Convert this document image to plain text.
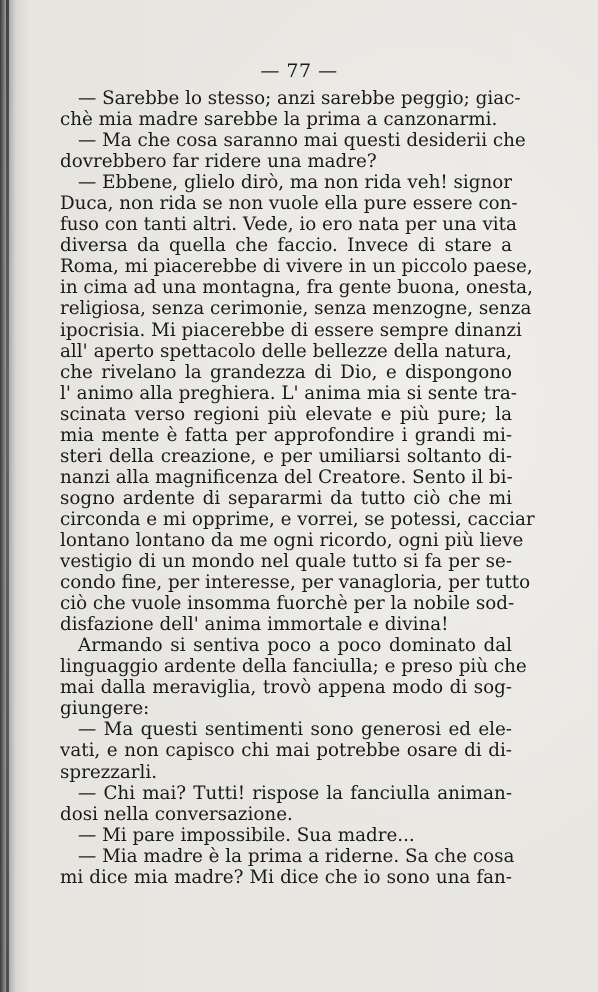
— 77 —
— Sarebbe lo stesso; anzi sarebbe peggio; giac-
chè mia madre sarebbe la prima a canzonarmi.
— Ma che cosa saranno mai questi desiderii che
dovrebbero far ridere una madre?
— Ebbene, glielo dirò, ma non rida veh! signor
Duca, non rida se non vuole ella pure essere con-
fuso con tanti altri. Vede, io ero nata per una vita
diversa da quella che faccio. Invece di stare a
Roma, mi piacerebbe di vivere in un piccolo paese,
in cima ad una montagna, fra gente buona, onesta,
religiosa, senza cerimonie, senza menzogne, senza
ipocrisia. Mi piacerebbe di essere sempre dinanzi
all' aperto spettacolo delle bellezze della natura,
che rivelano la grandezza di Dio, e dispongono
l' animo alla preghiera. L' anima mia si sente tra-
scinata verso regioni più elevate e più pure; la
mia mente è fatta per approfondire i grandi mi-
steri della creazione, e per umiliarsi soltanto di-
nanzi alla magnificenza del Creatore. Sento il bi-
sogno ardente di separarmi da tutto ciò che mi
circonda e mi opprime, e vorrei, se potessi, cacciar
lontano lontano da me ogni ricordo, ogni più lieve
vestigio di un mondo nel quale tutto si fa per se-
condo fine, per interesse, per vanagloria, per tutto
ciò che vuole insomma fuorchè per la nobile sod-
disfazione dell' anima immortale e divina!
Armando si sentiva poco a poco dominato dal
linguaggio ardente della fanciulla; e preso più che
mai dalla meraviglia, trovò appena modo di sog-
giungere:
— Ma questi sentimenti sono generosi ed ele-
vati, e non capisco chi mai potrebbe osare di di-
sprezzarli.
— Chi mai? Tutti! rispose la fanciulla animan-
dosi nella conversazione.
— Mi pare impossibile. Sua madre...
— Mia madre è la prima a riderne. Sa che cosa
mi dice mia madre? Mi dice che io sono una fan-
